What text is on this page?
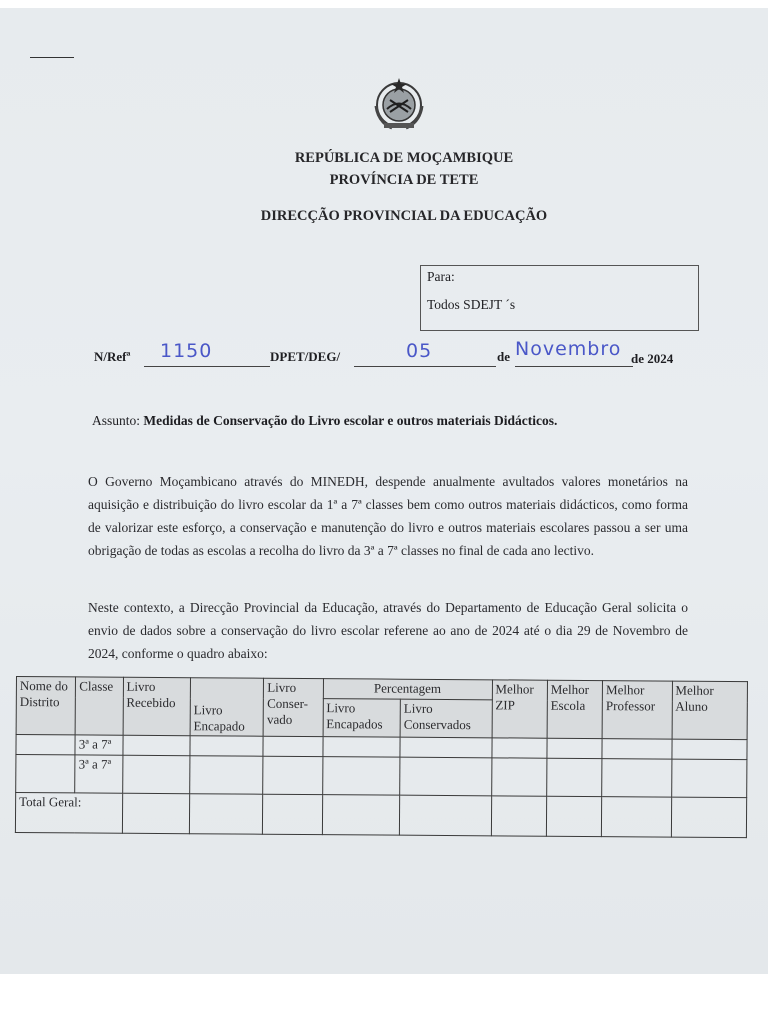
REPÚBLICA DE MOÇAMBIQUE
PROVÍNCIA DE TETE
DIRECÇÃO PROVINCIAL DA EDUCAÇÃO
Para:
Todos SDEJT ´s
N/Refª 1150	DPET/DEG/	05	de Novembro de 2024
Assunto: Medidas de Conservação do Livro escolar e outros materiais Didácticos.
O Governo Moçambicano através do MINEDH, despende anualmente avultados valores monetários na aquisição e distribuição do livro escolar da 1ª a 7ª classes bem como outros materiais didácticos, como forma de valorizar este esforço, a conservação e manutenção do livro e outros materiais escolares passou a ser uma obrigação de todas as escolas a recolha do livro da 3ª a 7ª classes no final de cada ano lectivo.
Neste contexto, a Direcção Provincial da Educação, através do Departamento de Educação Geral solicita o envio de dados sobre a conservação do livro escolar referene ao ano de 2024 até o dia 29 de Novembro de 2024, conforme o quadro abaixo:
Nome do Distrito	Classe	Livro Recebido	Livro Encapado	Livro Conser-vado	Percentagem		Melhor ZIP	Melhor Escola	Melhor Professor	Melhor Aluno
					Livro Encapados	Livro Conservados				
	3ª a 7ª									
	3ª a 7ª									
Total Geral:										
